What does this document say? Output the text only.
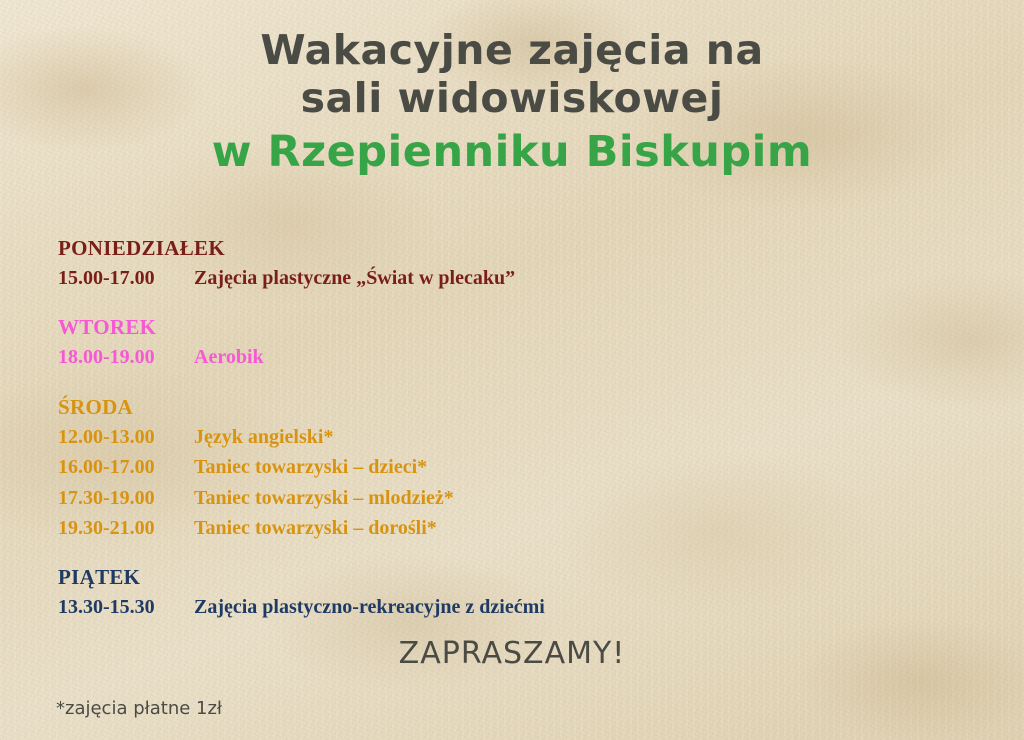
Wakacyjne zajęcia na
sali widowiskowej
w Rzepienniku Biskupim
PONIEDZIAŁEK
15.00-17.00	Zajęcia plastyczne „Świat w plecaku”
WTOREK
18.00-19.00	Aerobik
ŚRODA
12.00-13.00	Język angielski*
16.00-17.00	Taniec towarzyski – dzieci*
17.30-19.00	Taniec towarzyski – mlodzież*
19.30-21.00	Taniec towarzyski – dorośli*
PIĄTEK
13.30-15.30	Zajęcia plastyczno-rekreacyjne z dziećmi
ZAPRASZAMY!
*zajęcia płatne 1zł
